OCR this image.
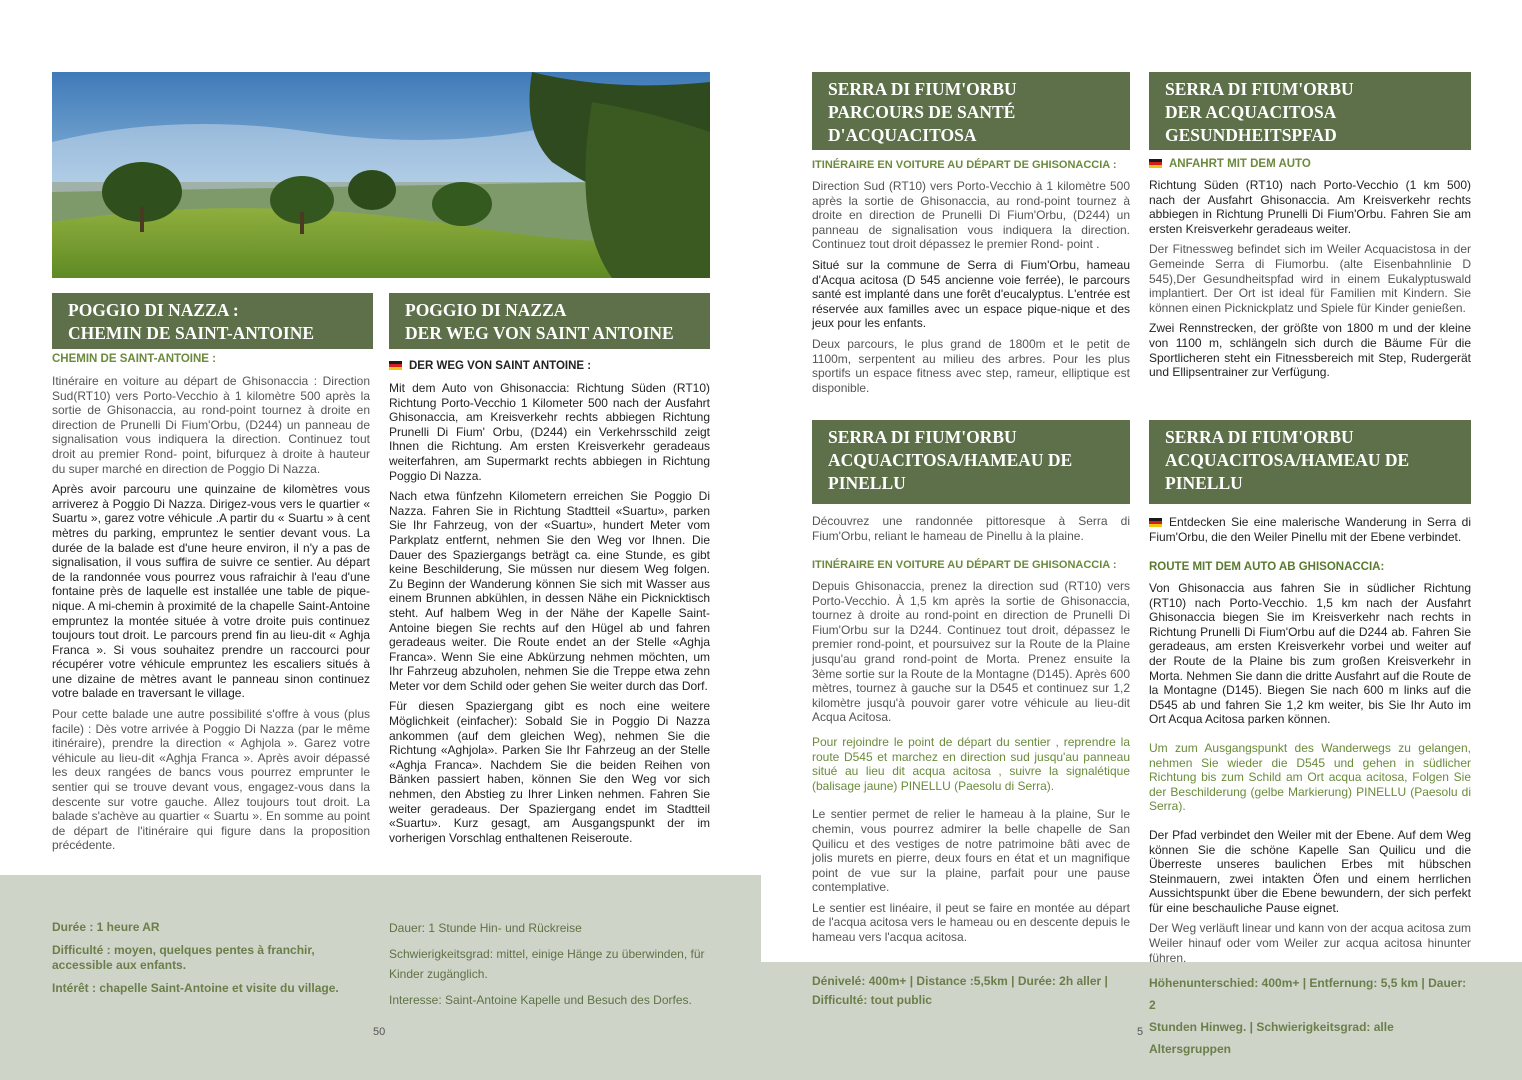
POGGIO DI NAZZA :
CHEMIN DE SAINT-ANTOINE
POGGIO DI NAZZA
DER WEG VON SAINT ANTOINE
CHEMIN DE SAINT-ANTOINE :
DER WEG VON SAINT ANTOINE :

Itinéraire en voiture au départ de Ghisonaccia : Direction Sud(RT10) vers Porto-Vecchio à 1 kilomètre 500 après la sortie de Ghisonaccia, au rond-point tournez à droite en direction de Prunelli Di Fium'Orbu, (D244) un panneau de signalisation vous indiquera la direction. Continuez tout droit au premier Rond- point, bifurquez à droite à hauteur du super marché en direction de Poggio Di Nazza.

Après avoir parcouru une quinzaine de kilomètres vous arriverez à Poggio Di Nazza. Dirigez-vous vers le quartier « Suartu », garez votre véhicule .A partir du « Suartu » à cent mètres du parking, empruntez le sentier devant vous. La durée de la balade est d'une heure environ, il n'y a pas de signalisation, il vous suffira de suivre ce sentier. Au départ de la randonnée vous pourrez vous rafraichir à l'eau d'une fontaine près de laquelle est installée une table de pique-nique. A mi-chemin à proximité de la chapelle Saint-Antoine empruntez la montée située à votre droite puis continuez toujours tout droit. Le parcours prend fin au lieu-dit « Aghja Franca ». Si vous souhaitez prendre un raccourci pour récupérer votre véhicule empruntez les escaliers situés à une dizaine de mètres avant le panneau sinon continuez votre balade en traversant le village.

Pour cette balade une autre possibilité s'offre à vous (plus facile) : Dès votre arrivée à Poggio Di Nazza (par le même itinéraire), prendre la direction « Aghjola ». Garez votre véhicule au lieu-dit «Aghja Franca ». Après avoir dépassé les deux rangées de bancs vous pourrez emprunter le sentier qui se trouve devant vous, engagez-vous dans la descente sur votre gauche. Allez toujours tout droit. La balade s'achève au quartier « Suartu ». En somme au point de départ de l'itinéraire qui figure dans la proposition précédente.

Mit dem Auto von Ghisonaccia: Richtung Süden (RT10) Richtung Porto-Vecchio 1 Kilometer 500 nach der Ausfahrt Ghisonaccia, am Kreisverkehr rechts abbiegen Richtung Prunelli Di Fium' Orbu, (D244) ein Verkehrsschild zeigt Ihnen die Richtung. Am ersten Kreisverkehr geradeaus weiterfahren, am Supermarkt rechts abbiegen in Richtung Poggio Di Nazza.

Nach etwa fünfzehn Kilometern erreichen Sie Poggio Di Nazza. Fahren Sie in Richtung Stadtteil «Suartu», parken Sie Ihr Fahrzeug, von der «Suartu», hundert Meter vom Parkplatz entfernt, nehmen Sie den Weg vor Ihnen. Die Dauer des Spaziergangs beträgt ca. eine Stunde, es gibt keine Beschilderung, Sie müssen nur diesem Weg folgen. Zu Beginn der Wanderung können Sie sich mit Wasser aus einem Brunnen abkühlen, in dessen Nähe ein Picknicktisch steht. Auf halbem Weg in der Nähe der Kapelle Saint-Antoine biegen Sie rechts auf den Hügel ab und fahren geradeaus weiter. Die Route endet an der Stelle «Aghja Franca». Wenn Sie eine Abkürzung nehmen möchten, um Ihr Fahrzeug abzuholen, nehmen Sie die Treppe etwa zehn Meter vor dem Schild oder gehen Sie weiter durch das Dorf.

Für diesen Spaziergang gibt es noch eine weitere Möglichkeit (einfacher): Sobald Sie in Poggio Di Nazza ankommen (auf dem gleichen Weg), nehmen Sie die Richtung «Aghjola». Parken Sie Ihr Fahrzeug an der Stelle «Aghja Franca». Nachdem Sie die beiden Reihen von Bänken passiert haben, können Sie den Weg vor sich nehmen, den Abstieg zu Ihrer Linken nehmen. Fahren Sie weiter geradeaus. Der Spaziergang endet im Stadtteil «Suartu». Kurz gesagt, am Ausgangspunkt der im vorherigen Vorschlag enthaltenen Reiseroute.

Durée : 1 heure AR

Difficulté : moyen, quelques pentes à franchir, accessible aux enfants.

Intérêt : chapelle Saint-Antoine et visite du village.

Dauer: 1 Stunde Hin- und Rückreise

Schwierigkeitsgrad: mittel, einige Hänge zu überwinden, für Kinder zugänglich.

Interesse: Saint-Antoine Kapelle und Besuch des Dorfes.

50
SERRA DI FIUM'ORBU
PARCOURS DE SANTÉ
D'ACQUACITOSA
ITINÉRAIRE EN VOITURE AU DÉPART DE GHISONACCIA :

Direction Sud (RT10) vers Porto-Vecchio à 1 kilomètre 500 après la sortie de Ghisonaccia, au rond-point tournez à droite en direction de Prunelli Di Fium'Orbu, (D244) un panneau de signalisation vous indiquera la direction. Continuez tout droit dépassez le premier Rond- point .

Situé sur la commune de Serra di Fium'Orbu, hameau d'Acqua acitosa (D 545 ancienne voie ferrée), le parcours santé est implanté dans une forêt d'eucalyptus. L'entrée est réservée aux familles avec un espace pique-nique et des jeux pour les enfants.

Deux parcours, le plus grand de 1800m et le petit de 1100m, serpentent au milieu des arbres. Pour les plus sportifs un espace fitness avec step, rameur, elliptique est disponible.

SERRA DI FIUM'ORBU
DER ACQUACITOSA
GESUNDHEITSPFAD
ANFAHRT MIT DEM AUTO

Richtung Süden (RT10) nach Porto-Vecchio (1 km 500) nach der Ausfahrt Ghisonaccia. Am Kreisverkehr rechts abbiegen in Richtung Prunelli Di Fium'Orbu. Fahren Sie am ersten Kreisverkehr geradeaus weiter.

Der Fitnessweg befindet sich im Weiler Acquacistosa in der Gemeinde Serra di Fiumorbu. (alte Eisenbahnlinie D 545),Der Gesundheitspfad wird in einem Eukalyptuswald implantiert. Der Ort ist ideal für Familien mit Kindern. Sie können einen Picknickplatz und Spiele für Kinder genießen.

Zwei Rennstrecken, der größte von 1800 m und der kleine von 1100 m, schlängeln sich durch die Bäume Für die Sportlicheren steht ein Fitnessbereich mit Step, Rudergerät und Ellipsentrainer zur Verfügung.

SERRA DI FIUM'ORBU
ACQUACITOSA/HAMEAU DE
PINELLU

Découvrez une randonnée pittoresque à Serra di Fium'Orbu, reliant le hameau de Pinellu à la plaine.

ITINÉRAIRE EN VOITURE AU DÉPART DE GHISONACCIA :

Depuis Ghisonaccia, prenez la direction sud (RT10) vers Porto-Vecchio. À 1,5 km après la sortie de Ghisonaccia, tournez à droite au rond-point en direction de Prunelli Di Fium'Orbu sur la D244. Continuez tout droit, dépassez le premier rond-point, et poursuivez sur la Route de la Plaine jusqu'au grand rond-point de Morta. Prenez ensuite la 3ème sortie sur la Route de la Montagne (D145). Après 600 mètres, tournez à gauche sur la D545 et continuez sur 1,2 kilomètre jusqu'à pouvoir garer votre véhicule au lieu-dit Acqua Acitosa.

Pour rejoindre le point de départ du sentier , reprendre la route D545 et marchez en direction sud jusqu'au panneau situé au lieu dit acqua acitosa , suivre la signalétique (balisage jaune) PINELLU (Paesolu di Serra).

Le sentier permet de relier le hameau à la plaine, Sur le chemin, vous pourrez admirer la belle chapelle de San Quilicu et des vestiges de notre patrimoine bâti avec de jolis murets en pierre, deux fours en état et un magnifique point de vue sur la plaine, parfait pour une pause contemplative.

Le sentier est linéaire, il peut se faire en montée au départ de l'acqua acitosa vers le hameau ou en descente depuis le hameau vers l'acqua acitosa.

Dénivelé: 400m+ | Distance :5,5km | Durée: 2h aller |
Difficulté: tout public
SERRA DI FIUM'ORBU
ACQUACITOSA/HAMEAU DE
PINELLU

Entdecken Sie eine malerische Wanderung in Serra di Fium'Orbu, die den Weiler Pinellu mit der Ebene verbindet.

ROUTE MIT DEM AUTO AB GHISONACCIA:

Von Ghisonaccia aus fahren Sie in südlicher Richtung (RT10) nach Porto-Vecchio. 1,5 km nach der Ausfahrt Ghisonaccia biegen Sie im Kreisverkehr nach rechts in Richtung Prunelli Di Fium'Orbu auf die D244 ab. Fahren Sie geradeaus, am ersten Kreisverkehr vorbei und weiter auf der Route de la Plaine bis zum großen Kreisverkehr in Morta. Nehmen Sie dann die dritte Ausfahrt auf die Route de la Montagne (D145). Biegen Sie nach 600 m links auf die D545 ab und fahren Sie 1,2 km weiter, bis Sie Ihr Auto im Ort Acqua Acitosa parken können.

Um zum Ausgangspunkt des Wanderwegs zu gelangen, nehmen Sie wieder die D545 und gehen in südlicher Richtung bis zum Schild am Ort acqua acitosa, Folgen Sie der Beschilderung (gelbe Markierung) PINELLU (Paesolu di Serra).

Der Pfad verbindet den Weiler mit der Ebene. Auf dem Weg können Sie die schöne Kapelle San Quilicu und die Überreste unseres baulichen Erbes mit hübschen Steinmauern, zwei intakten Öfen und einem herrlichen Aussichtspunkt über die Ebene bewundern, der sich perfekt für eine beschauliche Pause eignet.

Der Weg verläuft linear und kann von der acqua acitosa zum Weiler hinauf oder vom Weiler zur acqua acitosa hinunter führen.

Höhenunterschied: 400m+ | Entfernung: 5,5 km | Dauer: 2
Stunden Hinweg. | Schwierigkeitsgrad: alle Altersgruppen
5
